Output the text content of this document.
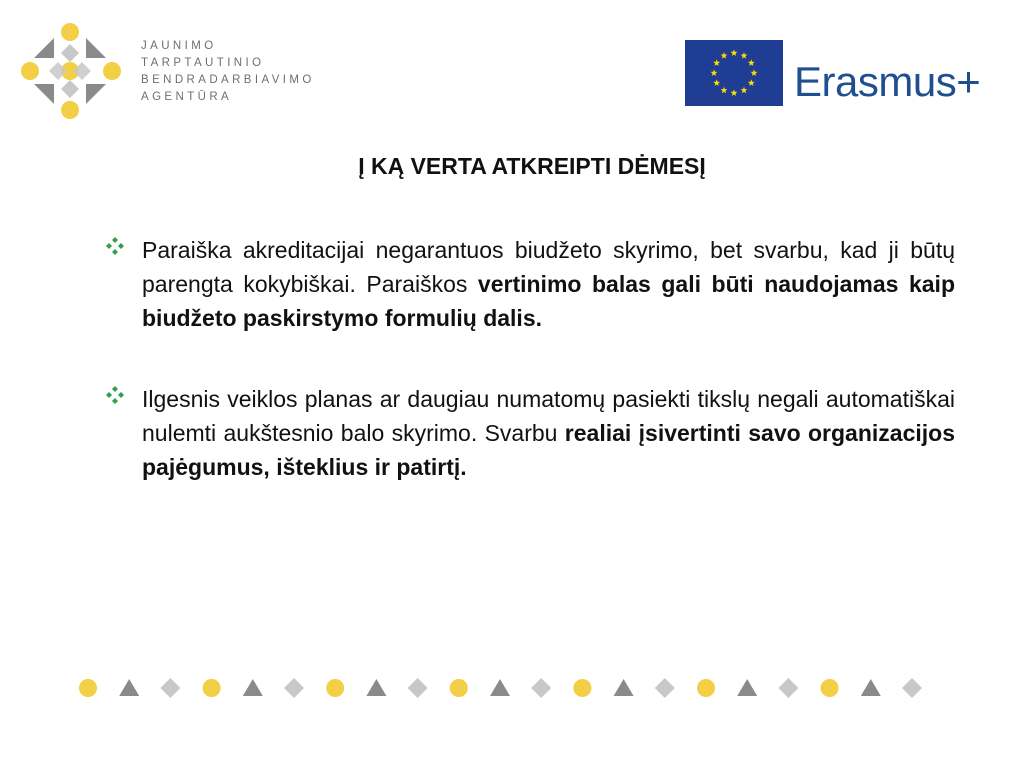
JAUNIMO
TARPTAUTINIO
BENDRADARBIAVIMO
AGENTŪRA	Erasmus+
Į KĄ VERTA ATKREIPTI DĖMESĮ
Paraiška akreditacijai negarantuos biudžeto skyrimo, bet svarbu, kad ji būtų parengta kokybiškai. Paraiškos vertinimo balas gali būti naudojamas kaip biudžeto paskirstymo formulių dalis.
Ilgesnis veiklos planas ar daugiau numatomų pasiekti tikslų negali automatiškai nulemti aukštesnio balo skyrimo. Svarbu realiai įsivertinti savo organizacijos pajėgumus, išteklius ir patirtį.
